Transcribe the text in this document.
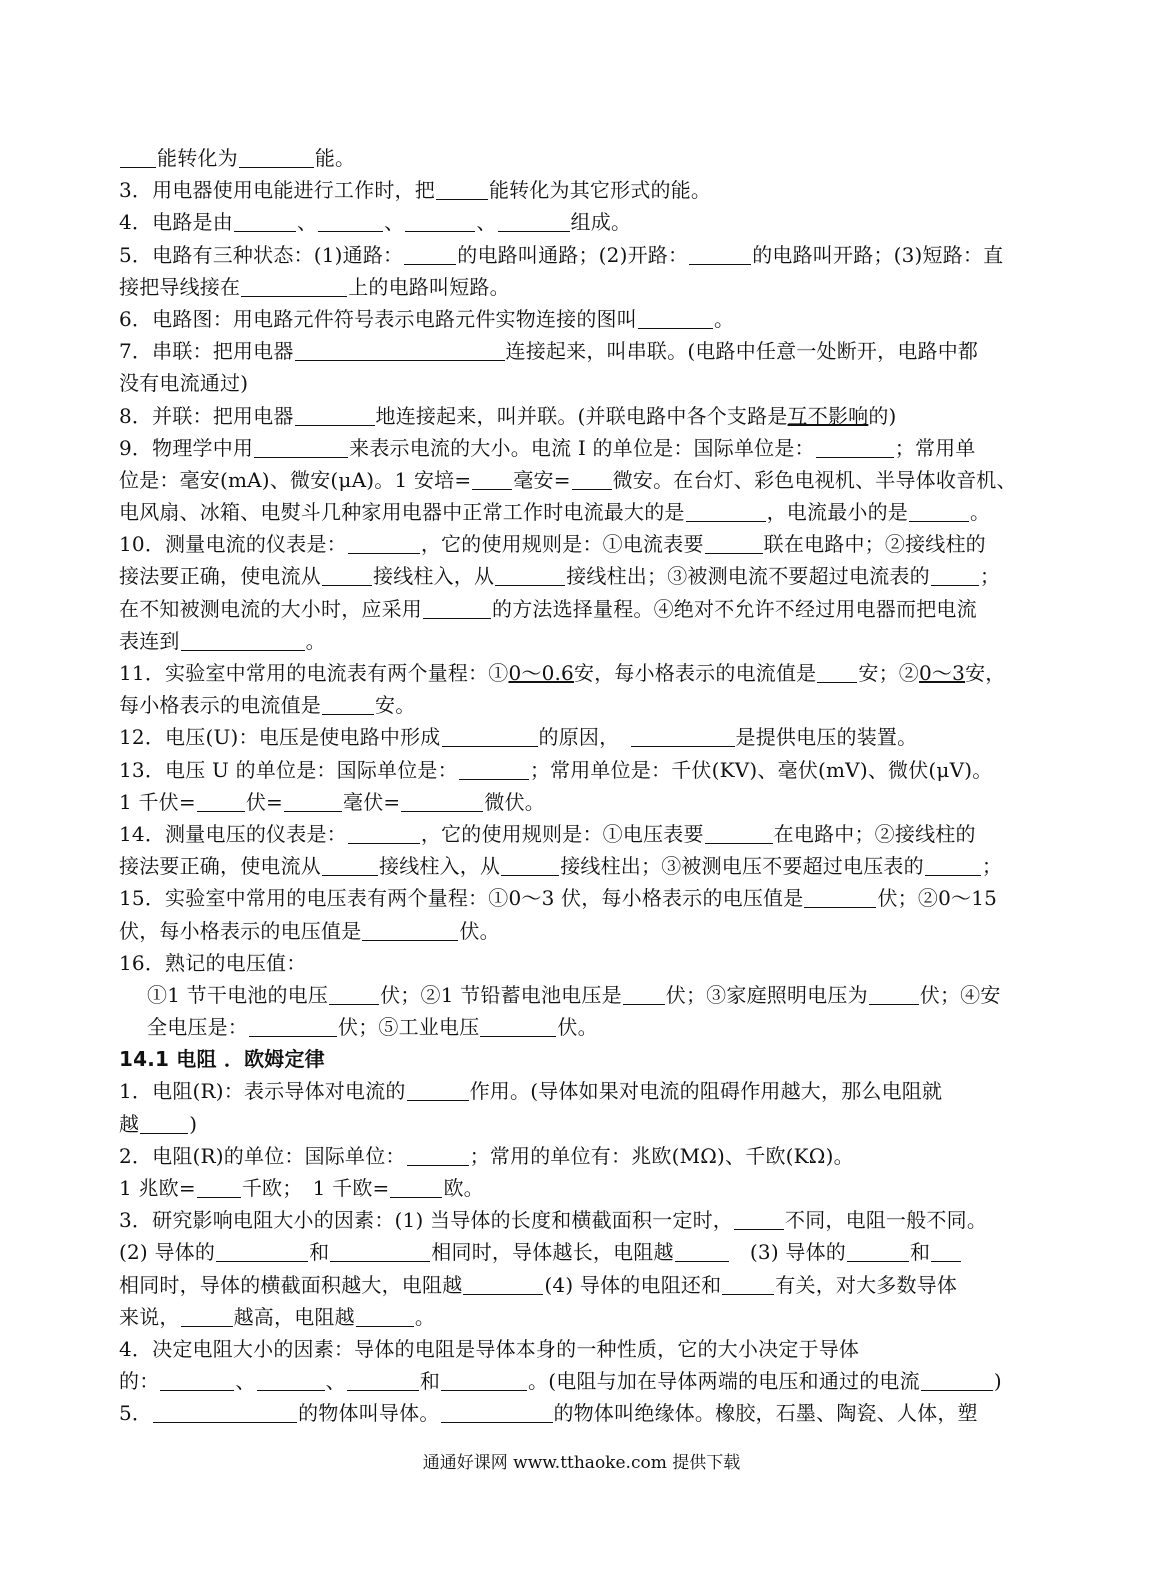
能转化为	能。
3．用电器使用电能进行工作时，把	能转化为其它形式的能。
4．电路是由	、	、	、	组成。
5．电路有三种状态：(1)通路：	的电路叫通路；(2)开路：	的电路叫开路；(3)短路：直
接把导线接在	上的电路叫短路。
6．电路图：用电路元件符号表示电路元件实物连接的图叫	。
7．串联：把用电器	连接起来，叫串联。(电路中任意一处断开，电路中都
没有电流通过)
8．并联：把用电器	地连接起来，叫并联。(并联电路中各个支路是互不影响的)
9．物理学中用	来表示电流的大小。电流 I 的单位是：国际单位是：	；常用单
位是：毫安(mA)、微安(μA)。1 安培= 毫安= 微安。在台灯、彩色电视机、半导体收音机、
电风扇、冰箱、电熨斗几种家用电器中正常工作时电流最大的是	，电流最小的是	。
10．测量电流的仪表是：	，它的使用规则是：①电流表要	联在电路中；②接线柱的
接法要正确，使电流从	接线柱入，从	接线柱出；③被测电流不要超过电流表的	；
在不知被测电流的大小时，应采用	的方法选择量程。④绝对不允许不经过用电器而把电流
表连到	。
11．实验室中常用的电流表有两个量程：①0～0.6安，每小格表示的电流值是 安；②0～3安，
每小格表示的电流值是	安。
12．电压(U)：电压是使电路中形成	的原因，　	是提供电压的装置。
13．电压 U 的单位是：国际单位是：	；常用单位是：千伏(KV)、毫伏(mV)、微伏(μV)。
1 千伏=	伏=	毫伏=	微伏。
14．测量电压的仪表是：	，它的使用规则是：①电压表要	在电路中；②接线柱的
接法要正确，使电流从	接线柱入，从	接线柱出；③被测电压不要超过电压表的	；
15．实验室中常用的电压表有两个量程：①0～3 伏，每小格表示的电压值是	伏；②0～15
伏，每小格表示的电压值是	伏。
16．熟记的电压值：
①1 节干电池的电压	伏；②1 节铅蓄电池电压是 伏；③家庭照明电压为	伏；④安
全电压是：	伏；⑤工业电压	伏。
14.1 电阻 ．欧姆定律
1．电阻(R)：表示导体对电流的	作用。(导体如果对电流的阻碍作用越大，那么电阻就
越	)
2．电阻(R)的单位：国际单位：	；常用的单位有：兆欧(MΩ)、千欧(KΩ)。
1 兆欧= 千欧；　1 千欧=	欧。
3．研究影响电阻大小的因素：(1) 当导体的长度和横截面积一定时，	不同，电阻一般不同。
(2) 导体的	和	相同时，导体越长，电阻越	　(3) 导体的	和
相同时，导体的横截面积越大，电阻越	(4) 导体的电阻还和	有关，对大多数导体
来说，	越高，电阻越	。
4．决定电阻大小的因素：导体的电阻是导体本身的一种性质，它的大小决定于导体
的：	、	、	和	。(电阻与加在导体两端的电压和通过的电流	)
5．	的物体叫导体。	的物体叫绝缘体。橡胶，石墨、陶瓷、人体，塑
通通好课网 www.tthaoke.com 提供下载
